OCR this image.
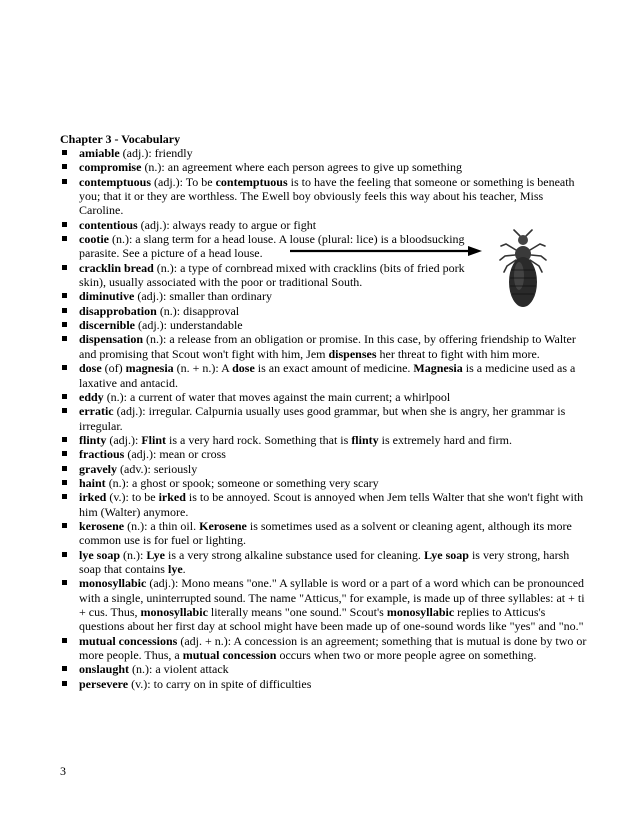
Chapter 3 - Vocabulary
amiable (adj.): friendly
compromise (n.): an agreement where each person agrees to give up something
contemptuous (adj.): To be contemptuous is to have the feeling that someone or something is beneath you; that it or they are worthless. The Ewell boy obviously feels this way about his teacher, Miss Caroline.
contentious (adj.): always ready to argue or fight
cootie (n.): a slang term for a head louse. A louse (plural: lice) is a bloodsucking parasite. See a picture of a head louse.
cracklin bread (n.): a type of cornbread mixed with cracklins (bits of fried pork skin), usually associated with the poor or traditional South.
diminutive (adj.): smaller than ordinary
disapprobation (n.): disapproval
discernible (adj.): understandable
dispensation (n.): a release from an obligation or promise. In this case, by offering friendship to Walter and promising that Scout won't fight with him, Jem dispenses her threat to fight with him more.
dose (of) magnesia (n. + n.): A dose is an exact amount of medicine. Magnesia is a medicine used as a laxative and antacid.
eddy (n.): a current of water that moves against the main current; a whirlpool
erratic (adj.): irregular. Calpurnia usually uses good grammar, but when she is angry, her grammar is irregular.
flinty (adj.): Flint is a very hard rock. Something that is flinty is extremely hard and firm.
fractious (adj.): mean or cross
gravely (adv.): seriously
haint (n.): a ghost or spook; someone or something very scary
irked (v.): to be irked is to be annoyed. Scout is annoyed when Jem tells Walter that she won't fight with him (Walter) anymore.
kerosene (n.): a thin oil. Kerosene is sometimes used as a solvent or cleaning agent, although its more common use is for fuel or lighting.
lye soap (n.): Lye is a very strong alkaline substance used for cleaning. Lye soap is very strong, harsh soap that contains lye.
monosyllabic (adj.): Mono means "one." A syllable is word or a part of a word which can be pronounced with a single, uninterrupted sound. The name "Atticus," for example, is made up of three syllables: at + ti + cus. Thus, monosyllabic literally means "one sound." Scout's monosyllabic replies to Atticus's questions about her first day at school might have been made up of one-sound words like "yes" and "no."
mutual concessions (adj. + n.): A concession is an agreement; something that is mutual is done by two or more people. Thus, a mutual concession occurs when two or more people agree on something.
onslaught (n.): a violent attack
persevere (v.): to carry on in spite of difficulties
3
